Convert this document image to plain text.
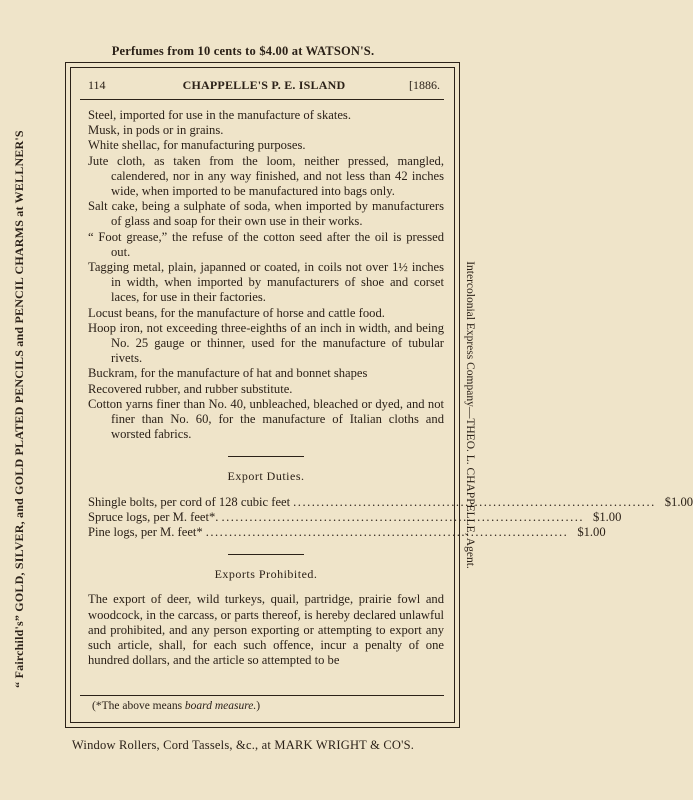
Perfumes from 10 cents to $4.00 at WATSON'S.
“ Fairchild's” GOLD, SILVER, and GOLD PLATED PENCILS and PENCIL CHARMS at WELLNER'S	Intercolonial Express Company—THEO. L. CHAPPELLE, Agent.
114	CHAPPELLE'S P. E. ISLAND	[1886.

Steel, imported for use in the manufacture of skates.

Musk, in pods or in grains.

White shellac, for manufacturing purposes.

Jute cloth, as taken from the loom, neither pressed, mangled, calendered, nor in any way finished, and not less than 42 inches wide, when imported to be manufactured into bags only.

Salt cake, being a sulphate of soda, when imported by manufacturers of glass and soap for their own use in their works.

“ Foot grease,” the refuse of the cotton seed after the oil is pressed out.

Tagging metal, plain, japanned or coated, in coils not over 1½ inches in width, when imported by manufacturers of shoe and corset laces, for use in their factories.

Locust beans, for the manufacture of horse and cattle food.

Hoop iron, not exceeding three-eighths of an inch in width, and being No. 25 gauge or thinner, used for the manufacture of tubular rivets.

Buckram, for the manufacture of hat and bonnet shapes

Recovered rubber, and rubber substitute.

Cotton yarns finer than No. 40, unbleached, bleached or dyed, and not finer than No. 60, for the manufacture of Italian cloths and worsted fabrics.

Export Duties.
Shingle bolts, per cord of 128 cubic feet .............................................................................. $1.00
Spruce logs, per M. feet*. .............................................................................. $1.00
Pine logs, per M. feet* .............................................................................. $1.00
Exports Prohibited.

The export of deer, wild turkeys, quail, partridge, prairie fowl and woodcock, in the carcass, or parts thereof, is hereby declared unlawful and prohibited, and any person exporting or attempting to export any such article, shall, for each such offence, incur a penalty of one hundred dollars, and the article so attempted to be

(*The above means board measure.)
Window Rollers, Cord Tassels, &c., at MARK WRIGHT & CO'S.
